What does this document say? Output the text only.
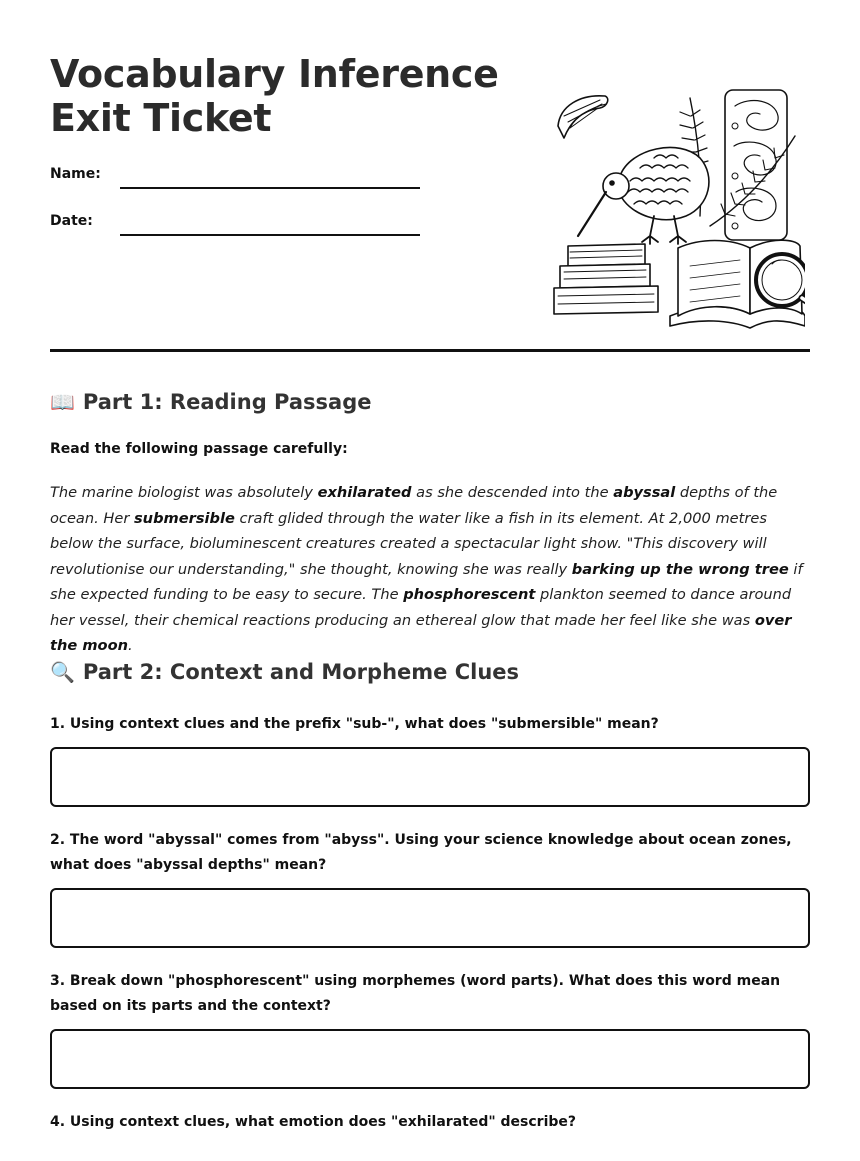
Vocabulary Inference
Exit Ticket
Name:
Date:
📖 Part 1: Reading Passage
Read the following passage carefully:

The marine biologist was absolutely exhilarated as she descended into the abyssal depths of the ocean. Her submersible craft glided through the water like a fish in its element. At 2,000 metres below the surface, bioluminescent creatures created a spectacular light show. "This discovery will revolutionise our understanding," she thought, knowing she was really barking up the wrong tree if she expected funding to be easy to secure. The phosphorescent plankton seemed to dance around her vessel, their chemical reactions producing an ethereal glow that made her feel like she was over the moon.

🔍 Part 2: Context and Morpheme Clues

1. Using context clues and the prefix "sub-", what does "submersible" mean?

2. The word "abyssal" comes from "abyss". Using your science knowledge about ocean zones, what does "abyssal depths" mean?

3. Break down "phosphorescent" using morphemes (word parts). What does this word mean based on its parts and the context?

4. Using context clues, what emotion does "exhilarated" describe?
